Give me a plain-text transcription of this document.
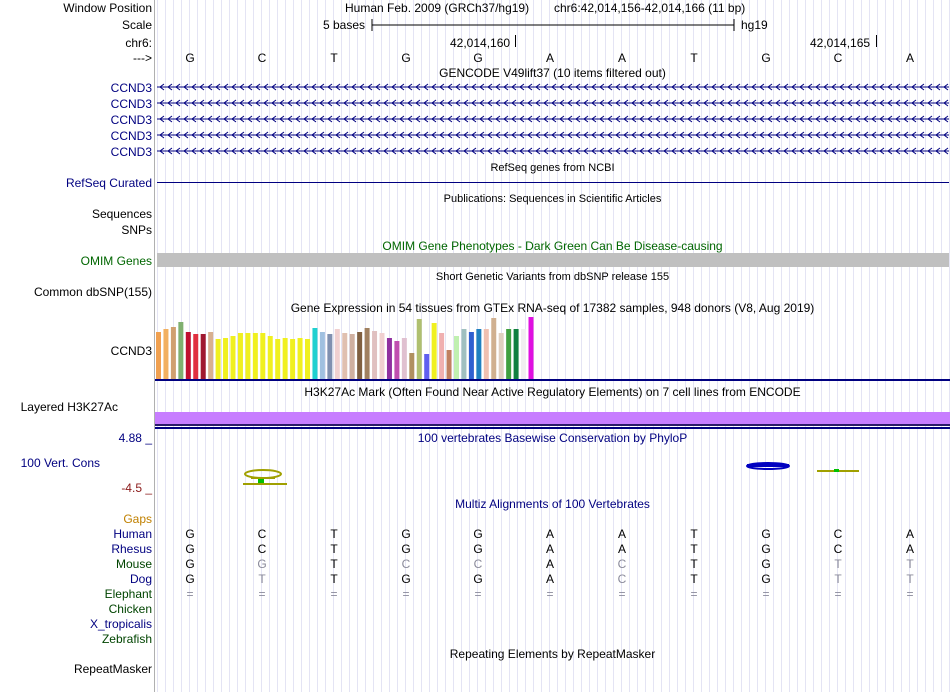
Window Position
Scale
chr6:
--->
CCND3
CCND3
CCND3
CCND3
CCND3
RefSeq Curated
Sequences
SNPs
OMIM Genes
Common dbSNP(155)
CCND3
Layered H3K27Ac
4.88 _
100 Vert. Cons
-4.5 _
Gaps
Human
Rhesus
Mouse
Dog
Elephant
Chicken
X_tropicalis
Zebrafish
RepeatMasker
Human Feb. 2009 (GRCh37/hg19) chr6:42,014,156-42,014,166 (11 bp)
5 bases	hg19
42,014,160	42,014,165
G	C	T	G	G	A	A	T	G	C	A
GENCODE V49lift37 (10 items filtered out)
RefSeq genes from NCBI
Publications: Sequences in Scientific Articles
OMIM Gene Phenotypes - Dark Green Can Be Disease-causing
Short Genetic Variants from dbSNP release 155
Gene Expression in 54 tissues from GTEx RNA-seq of 17382 samples, 948 donors (V8, Aug 2019)
H3K27Ac Mark (Often Found Near Active Regulatory Elements) on 7 cell lines from ENCODE
100 vertebrates Basewise Conservation by PhyloP
Multiz Alignments of 100 Vertebrates
G	C	T	G	G	A	A	T	G	C	A
G	C	T	G	G	A	A	T	G	C	A
G	G	T	C	C	A	C	T	G	T	T
G	T	T	G	G	A	C	T	G	T	T
=	=	=	=	=	=	=	=	=	=	=
Repeating Elements by RepeatMasker
